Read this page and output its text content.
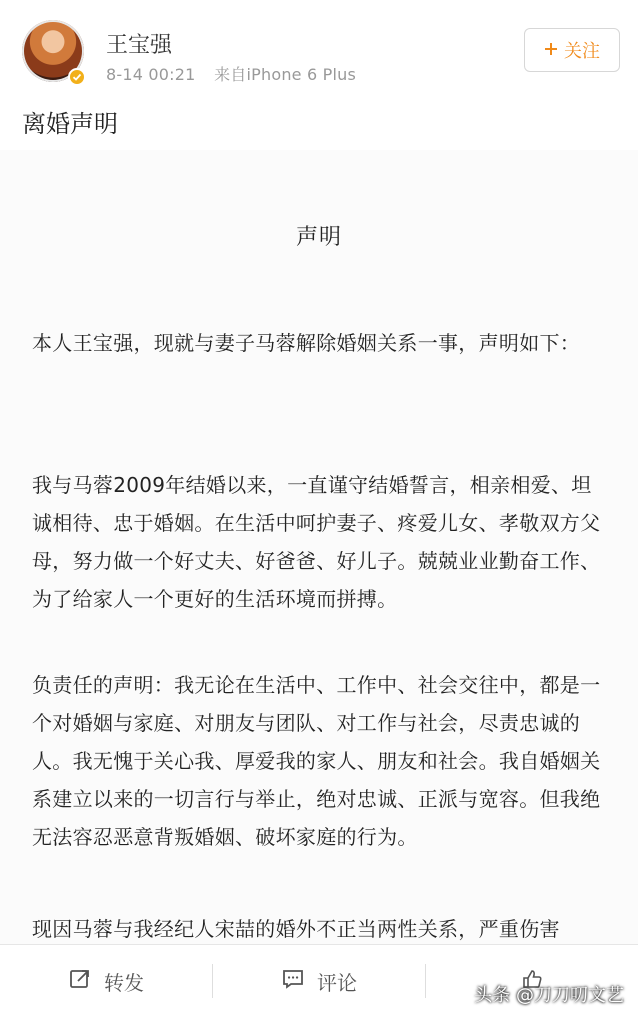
王宝强
8-14 00:21 来自iPhone 6 Plus
关注
离婚声明
声明
本人王宝强，现就与妻子马蓉解除婚姻关系一事，声明如下：
我与马蓉2009年结婚以来，一直谨守结婚誓言，相亲相爱、坦诚相待、忠于婚姻。在生活中呵护妻子、疼爱儿女、孝敬双方父母，努力做一个好丈夫、好爸爸、好儿子。兢兢业业勤奋工作、为了给家人一个更好的生活环境而拼搏。
负责任的声明：我无论在生活中、工作中、社会交往中，都是一个对婚姻与家庭、对朋友与团队、对工作与社会，尽责忠诚的人。我无愧于关心我、厚爱我的家人、朋友和社会。我自婚姻关系建立以来的一切言行与举止，绝对忠诚、正派与宽容。但我绝无法容忍恶意背叛婚姻、破坏家庭的行为。
现因马蓉与我经纪人宋喆的婚外不正当两性关系，严重伤害
转发	评论
头条 @刀刀叨文艺
